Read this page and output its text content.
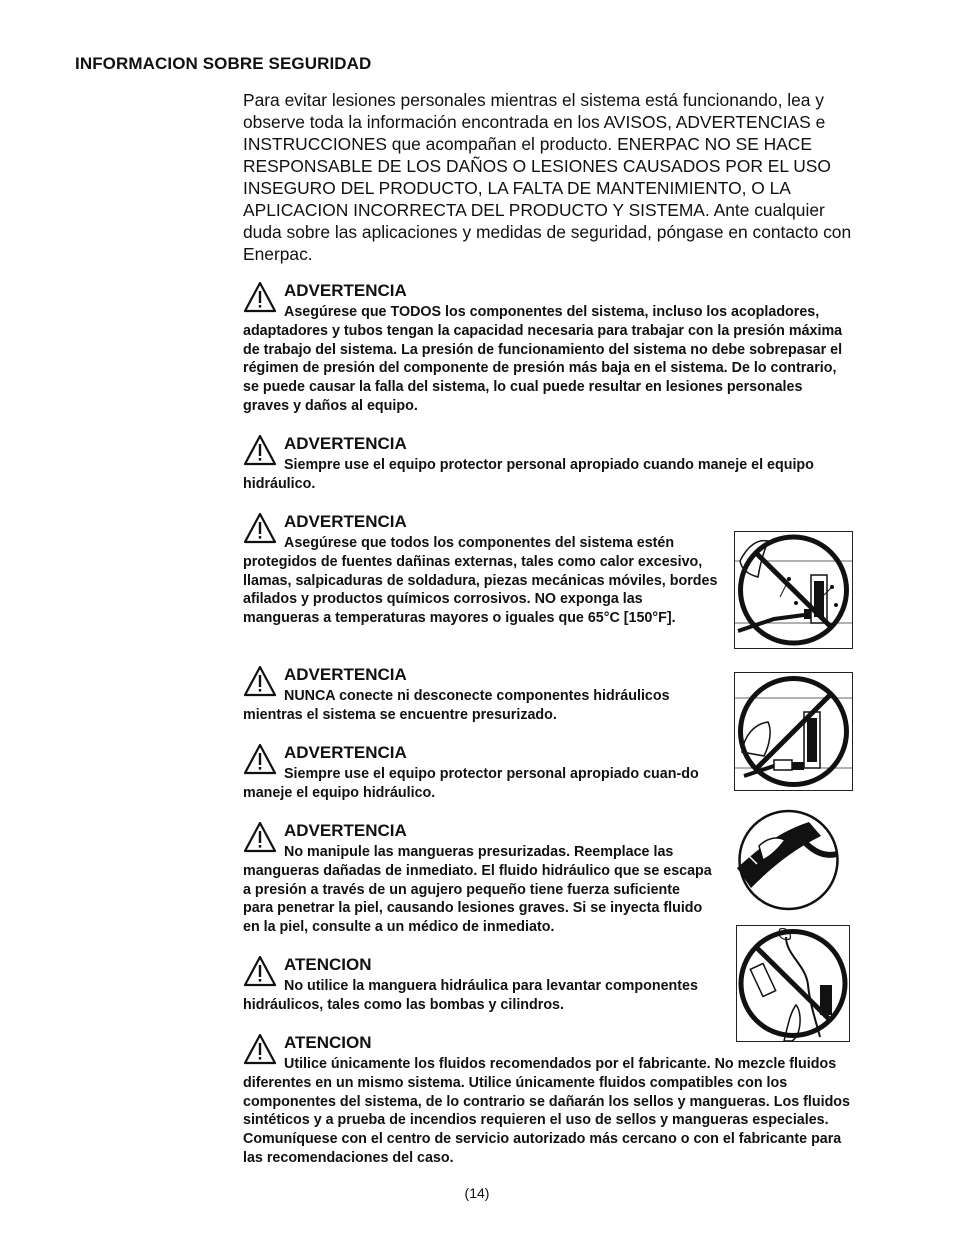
INFORMACION SOBRE SEGURIDAD

Para evitar lesiones personales mientras el sistema está funcionando, lea y observe toda la información encontrada en los AVISOS, ADVERTENCIAS e INSTRUCCIONES que acompañan el producto. ENERPAC NO SE HACE RESPONSABLE DE LOS DAÑOS O LESIONES CAUSADOS POR EL USO INSEGURO DEL PRODUCTO, LA FALTA DE MANTENIMIENTO, O LA APLICACION INCORRECTA DEL PRODUCTO Y SISTEMA. Ante cualquier duda sobre las aplicaciones y medidas de seguridad, póngase en contacto con Enerpac.

ADVERTENCIA

Asegúrese que TODOS los componentes del sistema, incluso los acopladores, adaptadores y tubos tengan la capacidad necesaria para trabajar con la presión máxima de trabajo del sistema. La presión de funcionamiento del sistema no debe sobrepasar el régimen de presión del componente de presión más baja en el sistema. De lo contrario, se puede causar la falla del sistema, lo cual puede resultar en lesiones personales graves y daños al equipo.

ADVERTENCIA

Siempre use el equipo protector personal apropiado cuando maneje el equipo hidráulico.

ADVERTENCIA

Asegúrese que todos los componentes del sistema estén protegidos de fuentes dañinas externas, tales como calor excesivo, llamas, salpicaduras de soldadura, piezas mecánicas móviles, bordes afilados y productos químicos corrosivos. NO exponga las mangueras a temperaturas mayores o iguales que 65°C [150°F].

ADVERTENCIA

NUNCA conecte ni desconecte componentes hidráulicos mientras el sistema se encuentre presurizado.

ADVERTENCIA

Siempre use el equipo protector personal apropiado cuan-do maneje el equipo hidráulico.

ADVERTENCIA

No manipule las mangueras presurizadas. Reemplace las mangueras dañadas de inmediato. El fluido hidráulico que se escapa a presión a través de un agujero pequeño tiene fuerza suficiente para penetrar la piel, causando lesiones graves. Si se inyecta fluido en la piel, consulte a un médico de inmediato.

ATENCION

No utilice la manguera hidráulica para levantar componentes hidráulicos, tales como las bombas y cilindros.

ATENCION

Utilice únicamente los fluidos recomendados por el fabricante. No mezcle fluidos diferentes en un mismo sistema. Utilice únicamente fluidos compatibles con los componentes del sistema, de lo contrario se dañarán los sellos y mangueras. Los fluidos sintéticos y a prueba de incendios requieren el uso de sellos y mangueras especiales. Comuníquese con el centro de servicio autorizado más cercano o con el fabricante para las recomendaciones del caso.

(14)
